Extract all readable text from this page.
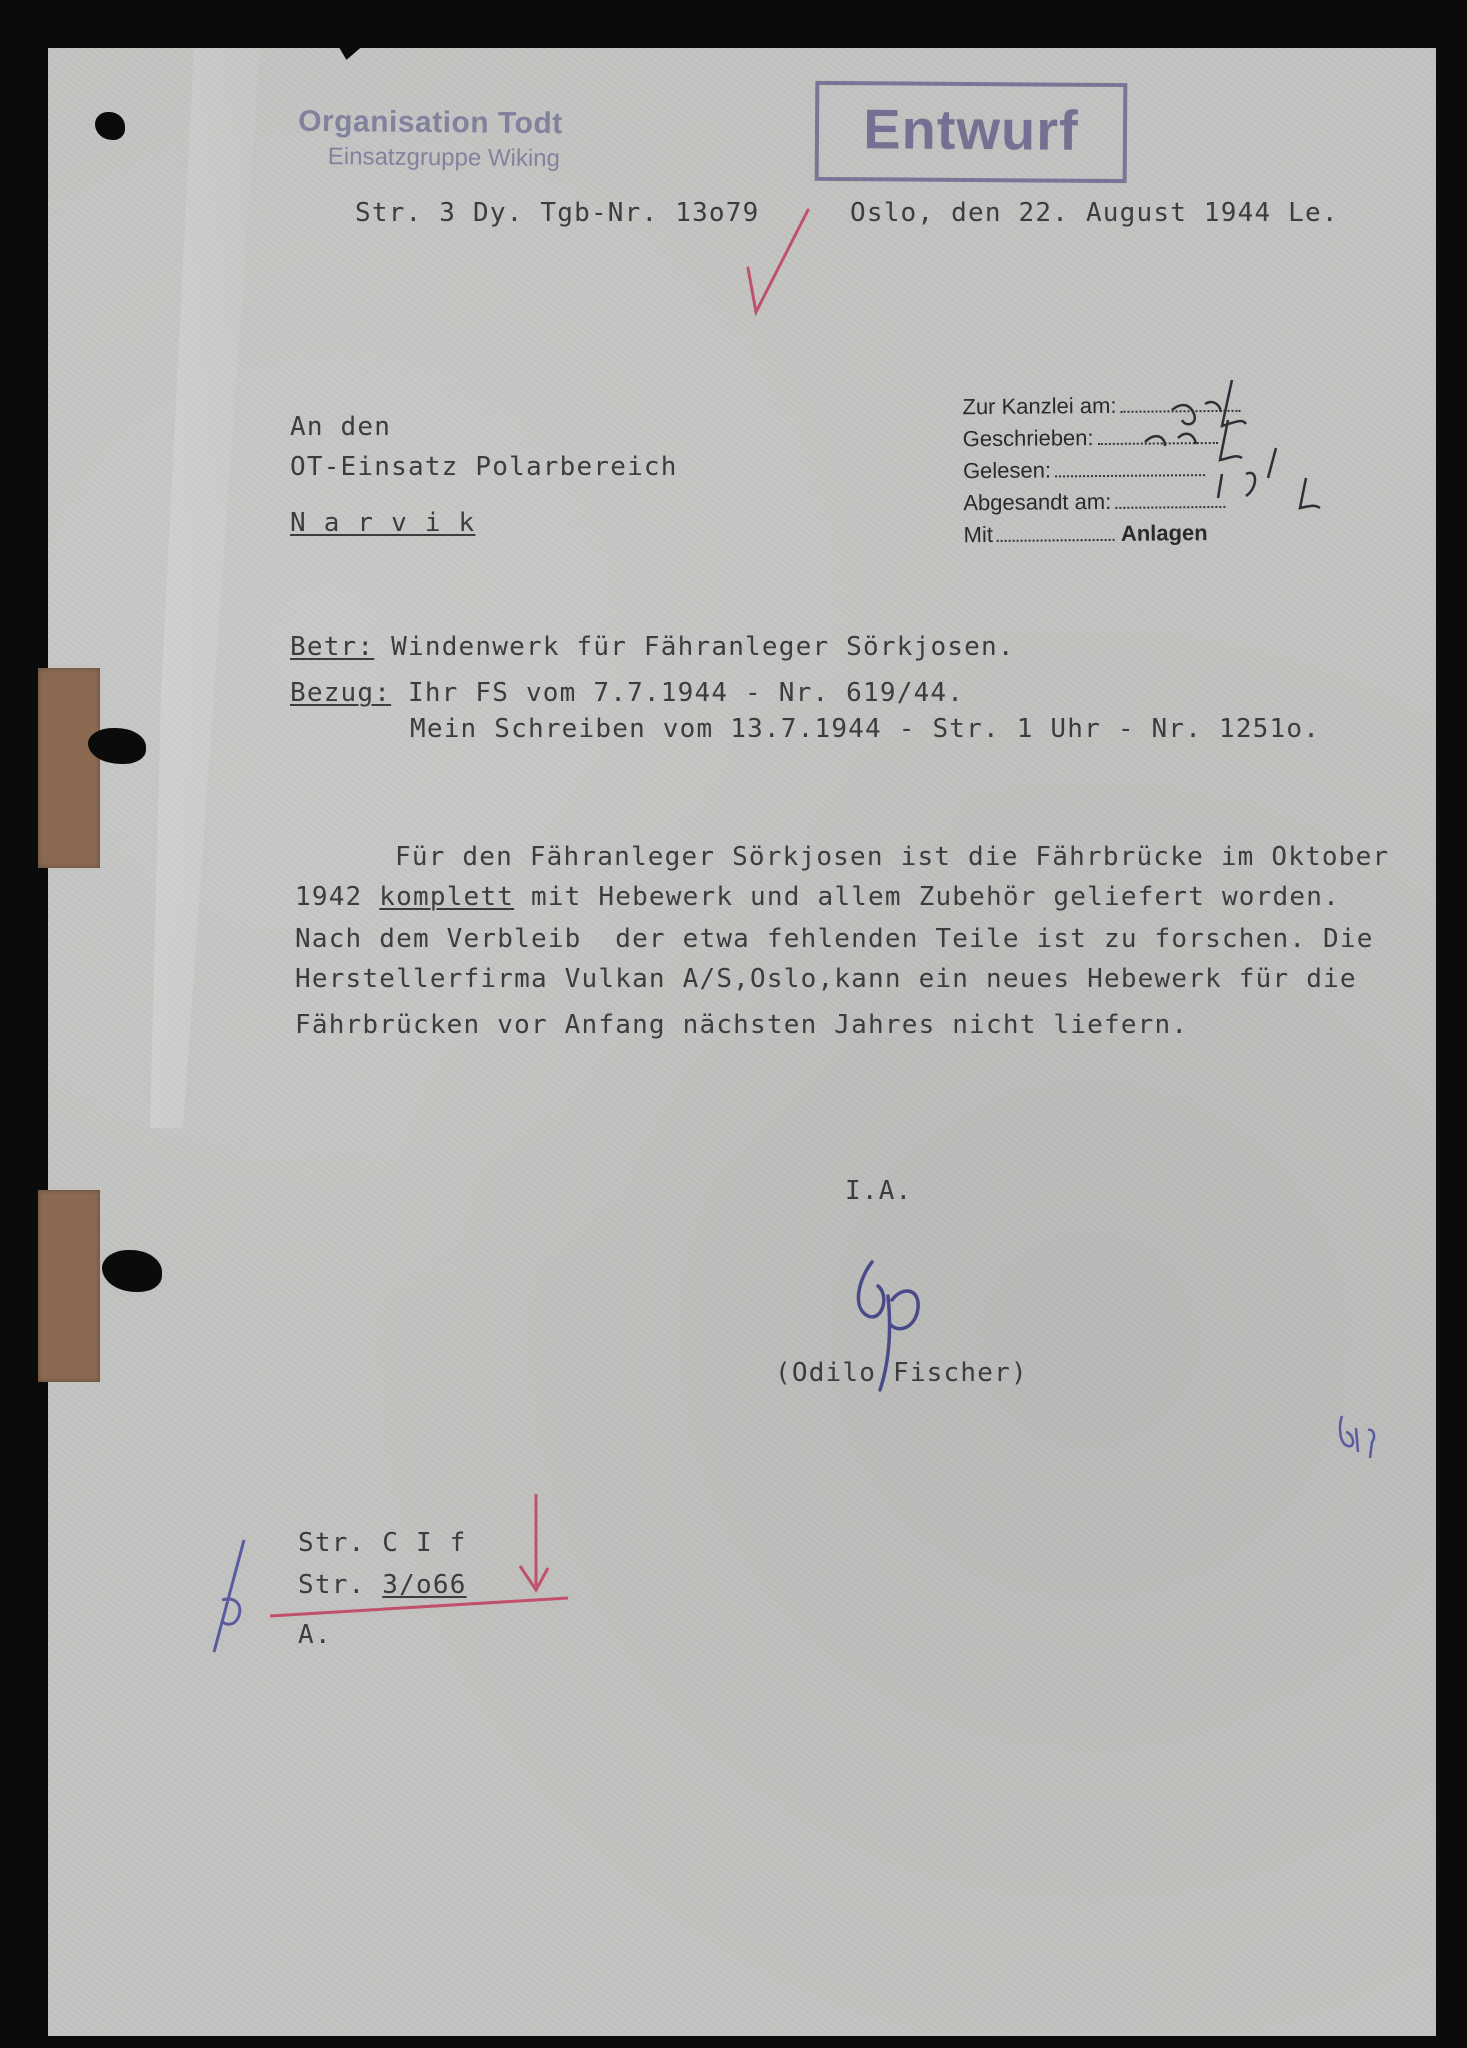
Organisation Todt
Einsatzgruppe Wiking	Entwurf
Zur Kanzlei am:
Geschrieben:
Gelesen:
Abgesandt am:
Mit	Anlagen
Str. 3 Dy. Tgb-Nr. 13o79	Oslo, den 22. August 1944 Le.
An den
OT-Einsatz Polarbereich
N a r v i k
Betr: Windenwerk für Fähranleger Sörkjosen.
Bezug: Ihr FS vom 7.7.1944 - Nr. 619/44.
Mein Schreiben vom 13.7.1944 - Str. 1 Uhr - Nr. 1251o.
Für den Fähranleger Sörkjosen ist die Fährbrücke im Oktober
1942 komplett mit Hebewerk und allem Zubehör geliefert worden.
Nach dem Verbleib  der etwa fehlenden Teile ist zu forschen. Die
Herstellerfirma Vulkan A/S,Oslo,kann ein neues Hebewerk für die
Fährbrücken vor Anfang nächsten Jahres nicht liefern.
I.A.
(Odilo Fischer)
Str. C I f
Str. 3/o66
A.
